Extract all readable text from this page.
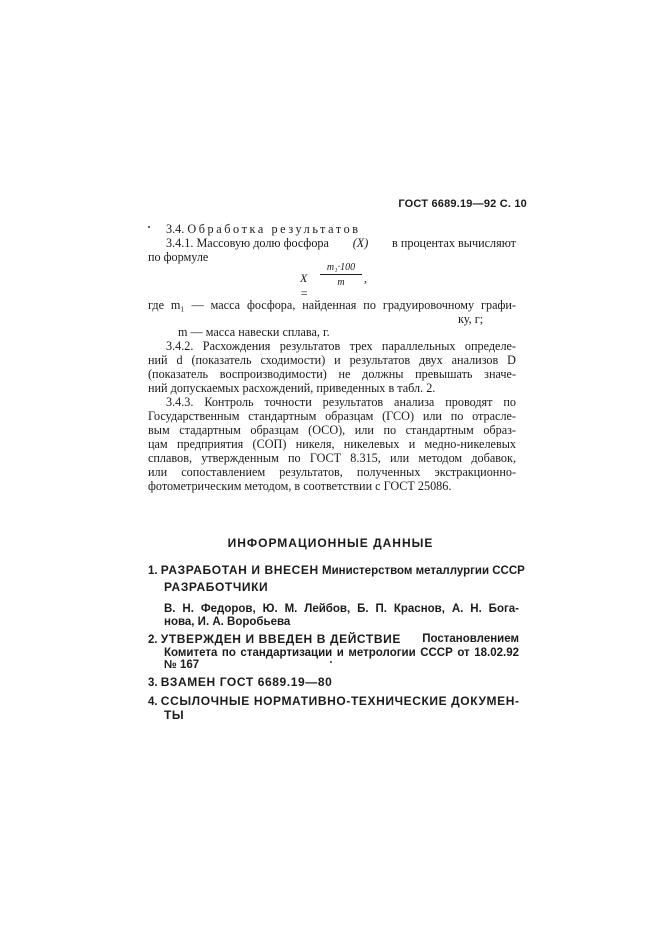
ГОСТ 6689.19—92 С. 10
3.4. Обработка результатов
3.4.1. Массовую долю фосфора (X) в процентах вычисляют
по формуле
X =
m₁·100
m	,
где m₁ — масса фосфора, найденная по градуировочному графи-
ку, г;
m — масса навески сплава, г.
3.4.2. Расхождения результатов трех параллельных определе-
ний d (показатель сходимости) и результатов двух анализов D
(показатель воспроизводимости) не должны превышать значе-
ний допускаемых расхождений, приведенных в табл. 2.
3.4.3. Контроль точности результатов анализа проводят по
Государственным стандартным образцам (ГСО) или по отрасле-
вым стадартным образцам (ОСО), или по стандартным образ-
цам предприятия (СОП) никеля, никелевых и медно-никелевых
сплавов, утвержденным по ГОСТ 8.315, или методом добавок,
или сопоставлением результатов, полученных экстракционно-
фотометрическим методом, в соответствии с ГОСТ 25086.
ИНФОРМАЦИОННЫЕ ДАННЫЕ
1. РАЗРАБОТАН И ВНЕСЕН Министерством металлургии СССР
РАЗРАБОТЧИКИ
В. Н. Федоров, Ю. М. Лейбов, Б. П. Краснов, А. Н. Бога-
нова, И. А. Воробьева
2. УТВЕРЖДЕН И ВВЕДЕН В ДЕЙСТВИЕ Постановлением
Комитета по стандартизации и метрологии СССР от 18.02.92
№ 167
3. ВЗАМЕН ГОСТ 6689.19—80
4. ССЫЛОЧНЫЕ НОРМАТИВНО-ТЕХНИЧЕСКИЕ ДОКУМЕН-
ТЫ
